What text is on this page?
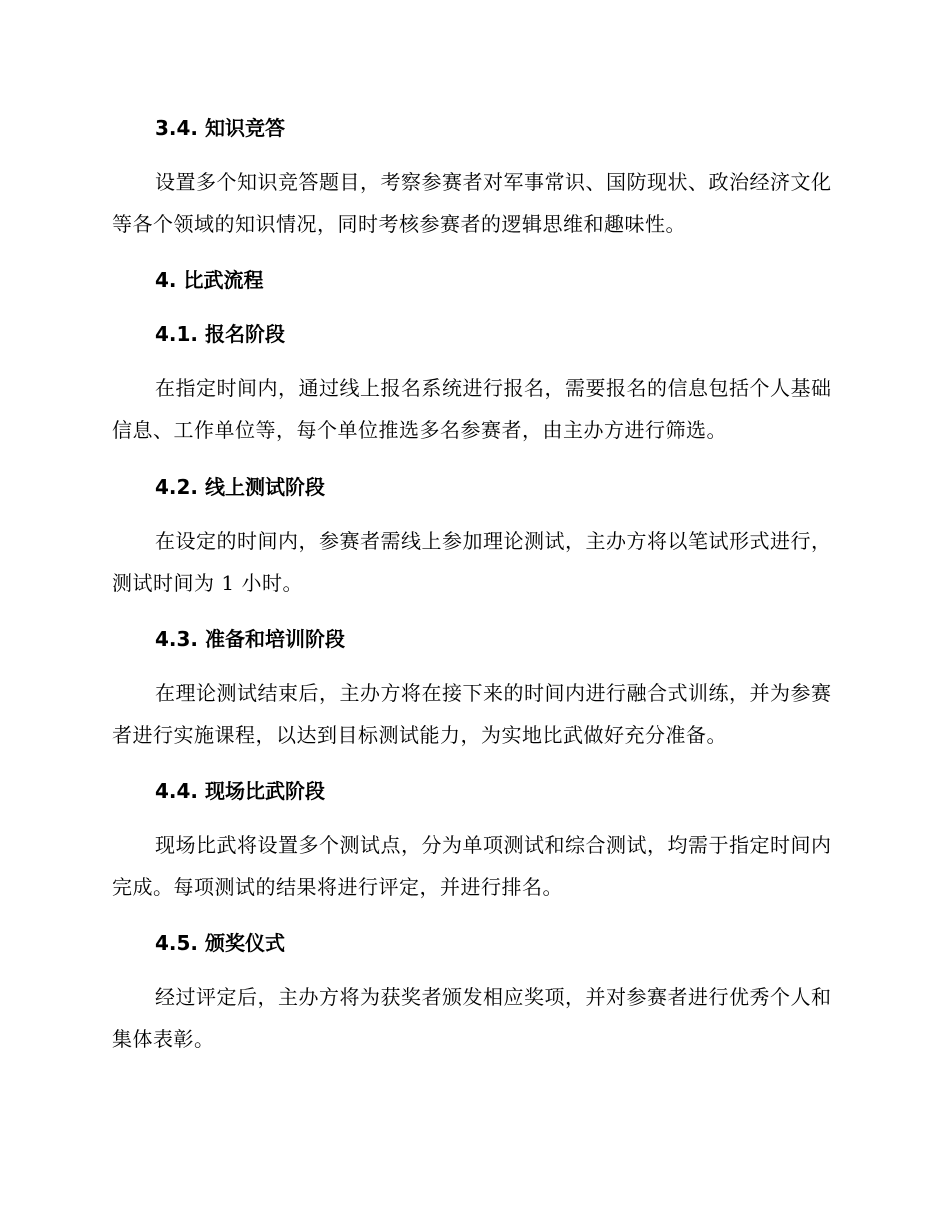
3.4. 知识竞答

设置多个知识竞答题目，考察参赛者对军事常识、国防现状、政治经济文化等各个领域的知识情况，同时考核参赛者的逻辑思维和趣味性。

4. 比武流程
4.1. 报名阶段

在指定时间内，通过线上报名系统进行报名，需要报名的信息包括个人基础信息、工作单位等，每个单位推选多名参赛者，由主办方进行筛选。

4.2. 线上测试阶段

在设定的时间内，参赛者需线上参加理论测试，主办方将以笔试形式进行，测试时间为 1 小时。

4.3. 准备和培训阶段

在理论测试结束后，主办方将在接下来的时间内进行融合式训练，并为参赛者进行实施课程，以达到目标测试能力，为实地比武做好充分准备。

4.4. 现场比武阶段

现场比武将设置多个测试点，分为单项测试和综合测试，均需于指定时间内完成。每项测试的结果将进行评定，并进行排名。

4.5. 颁奖仪式

经过评定后，主办方将为获奖者颁发相应奖项，并对参赛者进行优秀个人和集体表彰。
